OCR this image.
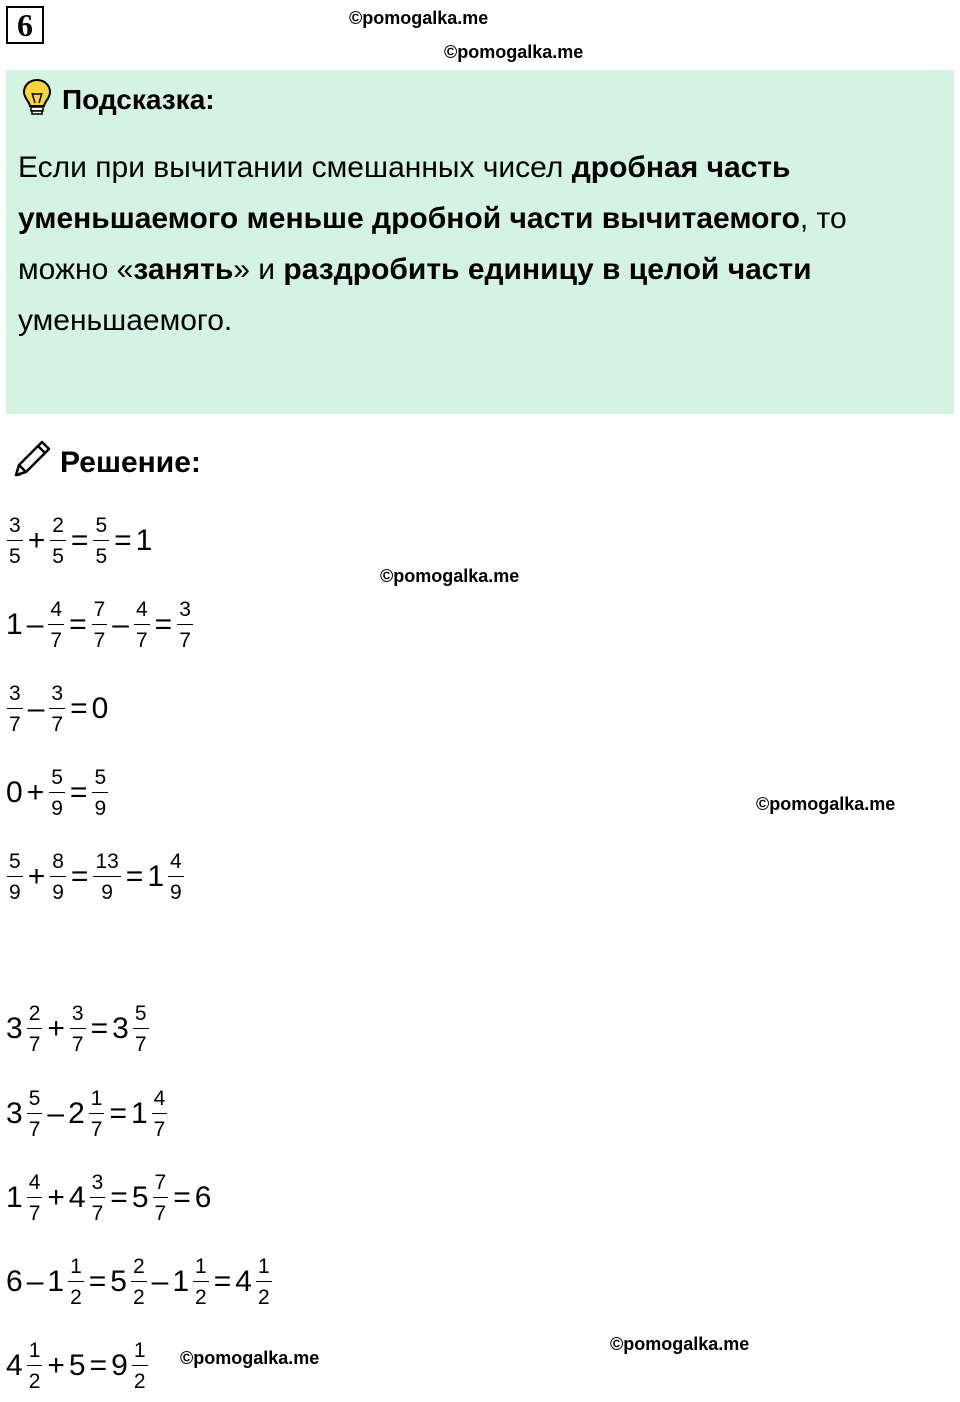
6	©pomogalka.me
©pomogalka.me
Подсказка:
Если при вычитании смешанных чисел дробная часть уменьшаемого меньше дробной части вычитаемого, то можно «занять» и раздробить единицу в целой части уменьшаемого.
Решение:
$\frac{3}{5} + \frac{2}{5} = \frac{5}{5} = 1$
$1 - \frac{4}{7} = \frac{7}{7} - \frac{4}{7} = \frac{3}{7}$
$\frac{3}{7} - \frac{3}{7} = 0$
$0 + \frac{5}{9} = \frac{5}{9}$
$\frac{5}{9} + \frac{8}{9} = \frac{13}{9} = 1 \frac{4}{9}$
$3 \frac{2}{7} + \frac{3}{7} = 3 \frac{5}{7}$
$3 \frac{5}{7} - 2 \frac{1}{7} = 1 \frac{4}{7}$
$1 \frac{4}{7} + 4 \frac{3}{7} = 5 \frac{7}{7} = 6$
$6 - 1 \frac{1}{2} = 5 \frac{2}{2} - 1 \frac{1}{2} = 4 \frac{1}{2}$
$4 \frac{1}{2} + 5 = 9 \frac{1}{2}$
©pomogalka.me
©pomogalka.me
©pomogalka.me
©pomogalka.me
